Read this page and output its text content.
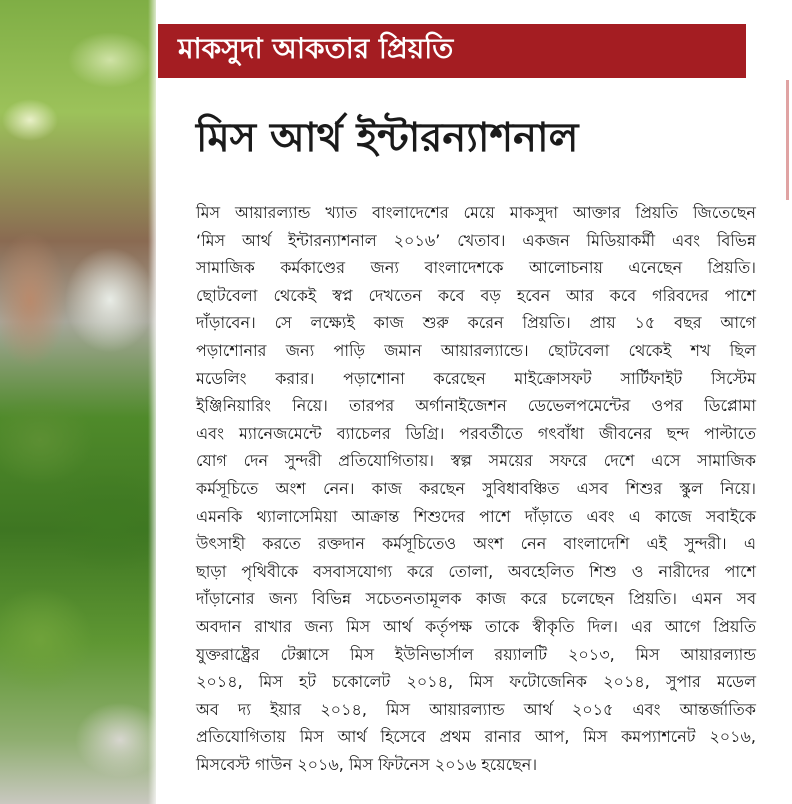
মাকসুদা আকতার প্রিয়তি
মিস আর্থ ইন্টারন্যাশনাল
মিস আয়ারল্যান্ড খ্যাত বাংলাদেশের মেয়ে মাকসুদা আক্তার প্রিয়তি জিতেছেন
‘মিস আর্থ ইন্টারন্যাশনাল ২০১৬’ খেতাব। একজন মিডিয়াকর্মী এবং বিভিন্ন
সামাজিক কর্মকাণ্ডের জন্য বাংলাদেশকে আলোচনায় এনেছেন প্রিয়তি।
ছোটবেলা থেকেই স্বপ্ন দেখতেন কবে বড় হবেন আর কবে গরিবদের পাশে
দাঁড়াবেন। সে লক্ষ্যেই কাজ শুরু করেন প্রিয়তি। প্রায় ১৫ বছর আগে
পড়াশোনার জন্য পাড়ি জমান আয়ারল্যান্ডে। ছোটবেলা থেকেই শখ ছিল
মডেলিং করার। পড়াশোনা করেছেন মাইক্রোসফট সার্টিফাইট সিস্টেম
ইঞ্জিনিয়ারিং নিয়ে। তারপর অর্গানাইজেশন ডেভেলপমেন্টের ওপর ডিপ্লোমা
এবং ম্যানেজমেন্টে ব্যাচেলর ডিগ্রি। পরবর্তীতে গৎবাঁধা জীবনের ছন্দ পাল্টাতে
যোগ দেন সুন্দরী প্রতিযোগিতায়। স্বল্প সময়ের সফরে দেশে এসে সামাজিক
কর্মসূচিতে অংশ নেন। কাজ করছেন সুবিধাবঞ্চিত এসব শিশুর স্কুল নিয়ে।
এমনকি থ্যালাসেমিয়া আক্রান্ত শিশুদের পাশে দাঁড়াতে এবং এ কাজে সবাইকে
উৎসাহী করতে রক্তদান কর্মসূচিতেও অংশ নেন বাংলাদেশি এই সুন্দরী। এ
ছাড়া পৃথিবীকে বসবাসযোগ্য করে তোলা, অবহেলিত শিশু ও নারীদের পাশে
দাঁড়ানোর জন্য বিভিন্ন সচেতনতামূলক কাজ করে চলেছেন প্রিয়তি। এমন সব
অবদান রাখার জন্য মিস আর্থ কর্তৃপক্ষ তাকে স্বীকৃতি দিল। এর আগে প্রিয়তি
যুক্তরাষ্ট্রের টেক্সাসে মিস ইউনিভার্সাল রয়্যালটি ২০১৩, মিস আয়ারল্যান্ড
২০১৪, মিস হট চকোলেট ২০১৪, মিস ফটোজেনিক ২০১৪, সুপার মডেল
অব দ্য ইয়ার ২০১৪, মিস আয়ারল্যান্ড আর্থ ২০১৫ এবং আন্তর্জাতিক
প্রতিযোগিতায় মিস আর্থ হিসেবে প্রথম রানার আপ, মিস কমপ্যাশনেট ২০১৬,
মিসবেস্ট গাউন ২০১৬, মিস ফিটনেস ২০১৬ হয়েছেন।
